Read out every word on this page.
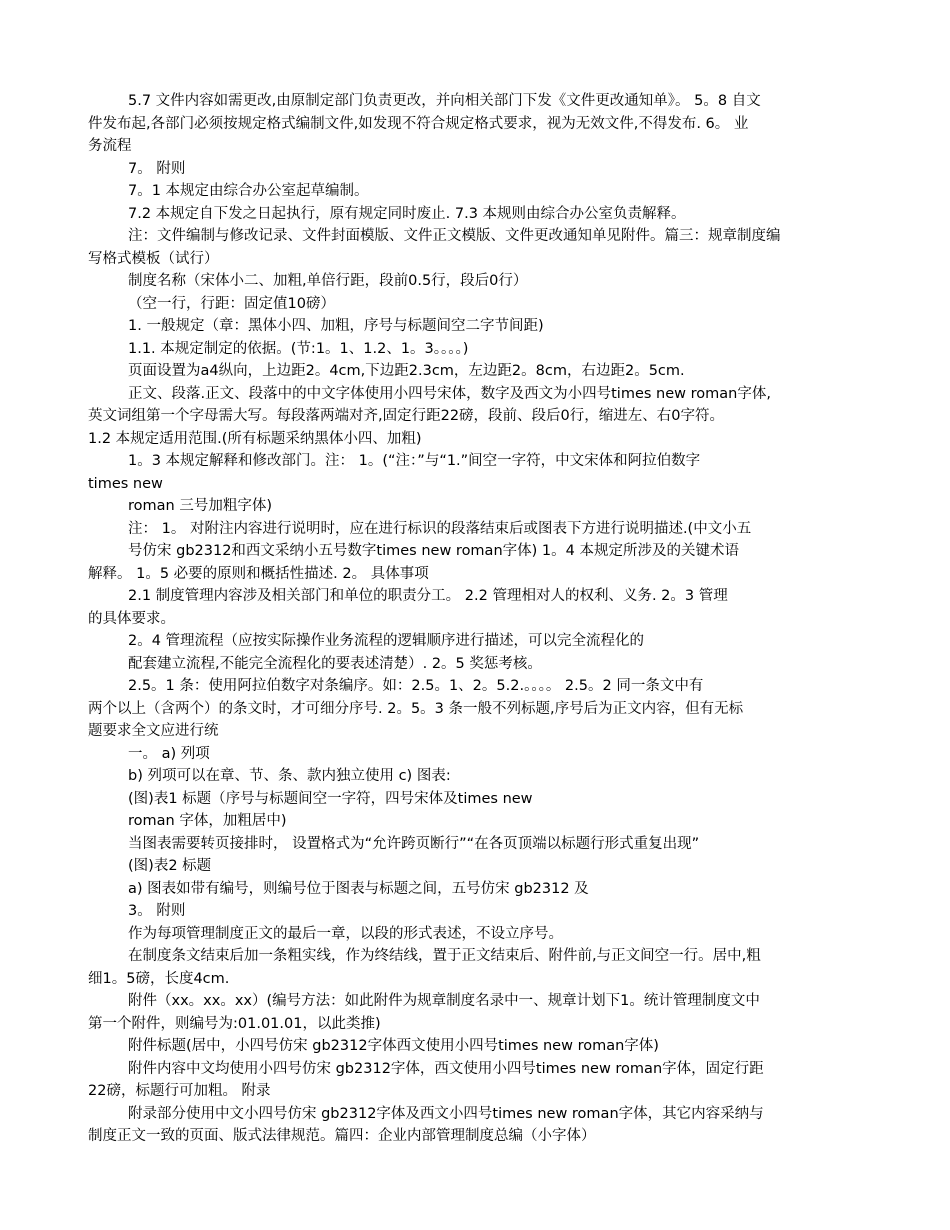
5.7 文件内容如需更改,由原制定部门负责更改，并向相关部门下发《文件更改通知单》。 5。8 自文
件发布起,各部门必须按规定格式编制文件,如发现不符合规定格式要求，视为无效文件,不得发布. 6。 业
务流程
7。 附则
7。1 本规定由综合办公室起草编制。
7.2 本规定自下发之日起执行，原有规定同时废止. 7.3 本规则由综合办公室负责解释。
注：文件编制与修改记录、文件封面模版、文件正文模版、文件更改通知单见附件。篇三：规章制度编
写格式模板（试行）
制度名称（宋体小二、加粗,单倍行距，段前0.5行，段后0行）
（空一行，行距：固定值10磅）
1. 一般规定（章：黑体小四、加粗，序号与标题间空二字节间距)
1.1. 本规定制定的依据。(节:1。1、1.2、1。3。。。。)
页面设置为a4纵向，上边距2。4cm,下边距2.3cm，左边距2。8cm，右边距2。5cm.
正文、段落.正文、段落中的中文字体使用小四号宋体，数字及西文为小四号times new roman字体,
英文词组第一个字母需大写。每段落两端对齐,固定行距22磅，段前、段后0行，缩进左、右0字符。
1.2 本规定适用范围.(所有标题采纳黑体小四、加粗)
1。3 本规定解释和修改部门。注： 1。(“注：”与“1.”间空一字符，中文宋体和阿拉伯数字
times new
roman 三号加粗字体)
注： 1。 对附注内容进行说明时，应在进行标识的段落结束后或图表下方进行说明描述.(中文小五
号仿宋 gb2312和西文采纳小五号数字times new roman字体) 1。4 本规定所涉及的关键术语
解释。 1。5 必要的原则和概括性描述. 2。 具体事项
2.1 制度管理内容涉及相关部门和单位的职责分工。 2.2 管理相对人的权利、义务. 2。3 管理
的具体要求。
2。4 管理流程（应按实际操作业务流程的逻辑顺序进行描述，可以完全流程化的
配套建立流程,不能完全流程化的要表述清楚）. 2。5 奖惩考核。
2.5。1 条：使用阿拉伯数字对条编序。如：2.5。1、2。5.2.。。。。 2.5。2 同一条文中有
两个以上（含两个）的条文时，才可细分序号. 2。5。3 条一般不列标题,序号后为正文内容，但有无标
题要求全文应进行统
一。 a) 列项
b) 列项可以在章、节、条、款内独立使用 c) 图表:
(图)表1 标题（序号与标题间空一字符，四号宋体及times new
roman 字体，加粗居中)
当图表需要转页接排时， 设置格式为“允许跨页断行”“在各页顶端以标题行形式重复出现”
(图)表2 标题
a) 图表如带有编号，则编号位于图表与标题之间，五号仿宋 gb2312 及
3。 附则
作为每项管理制度正文的最后一章，以段的形式表述，不设立序号。
在制度条文结束后加一条粗实线，作为终结线，置于正文结束后、附件前,与正文间空一行。居中,粗
细1。5磅，长度4cm.
附件（xx。xx。xx）(编号方法：如此附件为规章制度名录中一、规章计划下1。统计管理制度文中
第一个附件，则编号为:01.01.01，以此类推)
附件标题(居中，小四号仿宋 gb2312字体西文使用小四号times new roman字体)
附件内容中文均使用小四号仿宋 gb2312字体，西文使用小四号times new roman字体，固定行距
22磅，标题行可加粗。 附录
附录部分使用中文小四号仿宋 gb2312字体及西文小四号times new roman字体，其它内容采纳与
制度正文一致的页面、版式法律规范。篇四：企业内部管理制度总编（小字体）
